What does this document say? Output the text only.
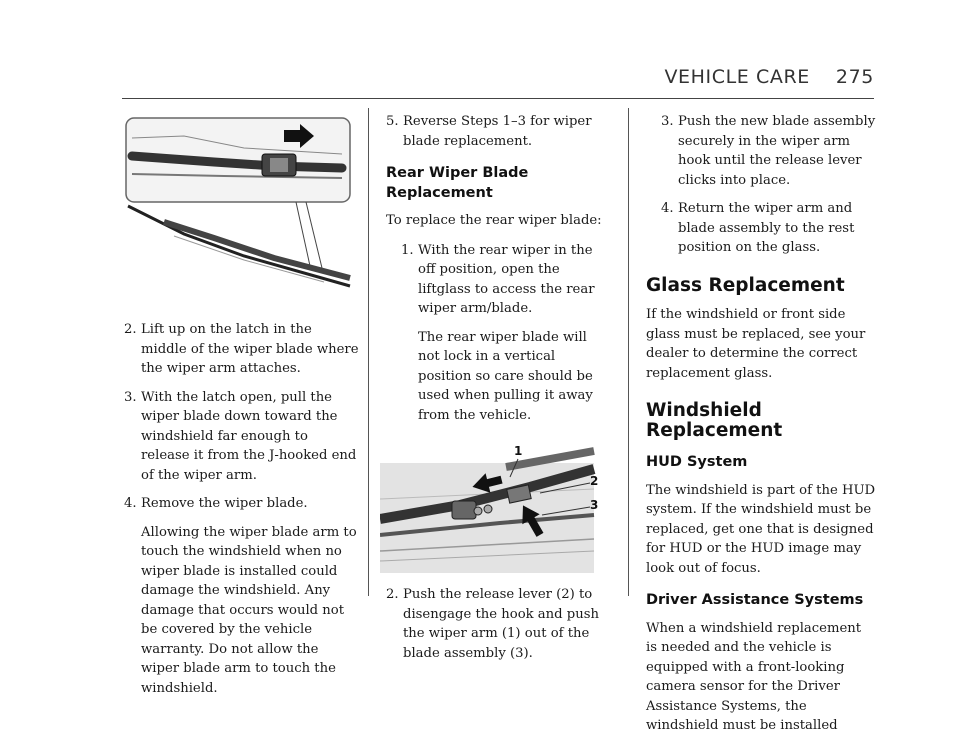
VEHICLE CARE 275
2. Lift up on the latch in the middle of the wiper blade where the wiper arm attaches.
3. With the latch open, pull the wiper blade down toward the windshield far enough to release it from the J-hooked end of the wiper arm.
4. Remove the wiper blade.
Allowing the wiper blade arm to touch the windshield when no wiper blade is installed could damage the windshield. Any damage that occurs would not be covered by the vehicle warranty. Do not allow the wiper blade arm to touch the windshield.
5. Reverse Steps 1–3 for wiper blade replacement.
Rear Wiper Blade Replacement

To replace the rear wiper blade:

1. With the rear wiper in the off position, open the liftglass to access the rear wiper arm/blade.
The rear wiper blade will not lock in a vertical position so care should be used when pulling it away from the vehicle.
1
2
3
2. Push the release lever (2) to disengage the hook and push the wiper arm (1) out of the blade assembly (3).
3. Push the new blade assembly securely in the wiper arm hook until the release lever clicks into place.
4. Return the wiper arm and blade assembly to the rest position on the glass.
Glass Replacement

If the windshield or front side glass must be replaced, see your dealer to determine the correct replacement glass.

Windshield Replacement
HUD System

The windshield is part of the HUD system. If the windshield must be replaced, get one that is designed for HUD or the HUD image may look out of focus.

Driver Assistance Systems

When a windshield replacement is needed and the vehicle is equipped with a front-looking camera sensor for the Driver Assistance Systems, the windshield must be installed
